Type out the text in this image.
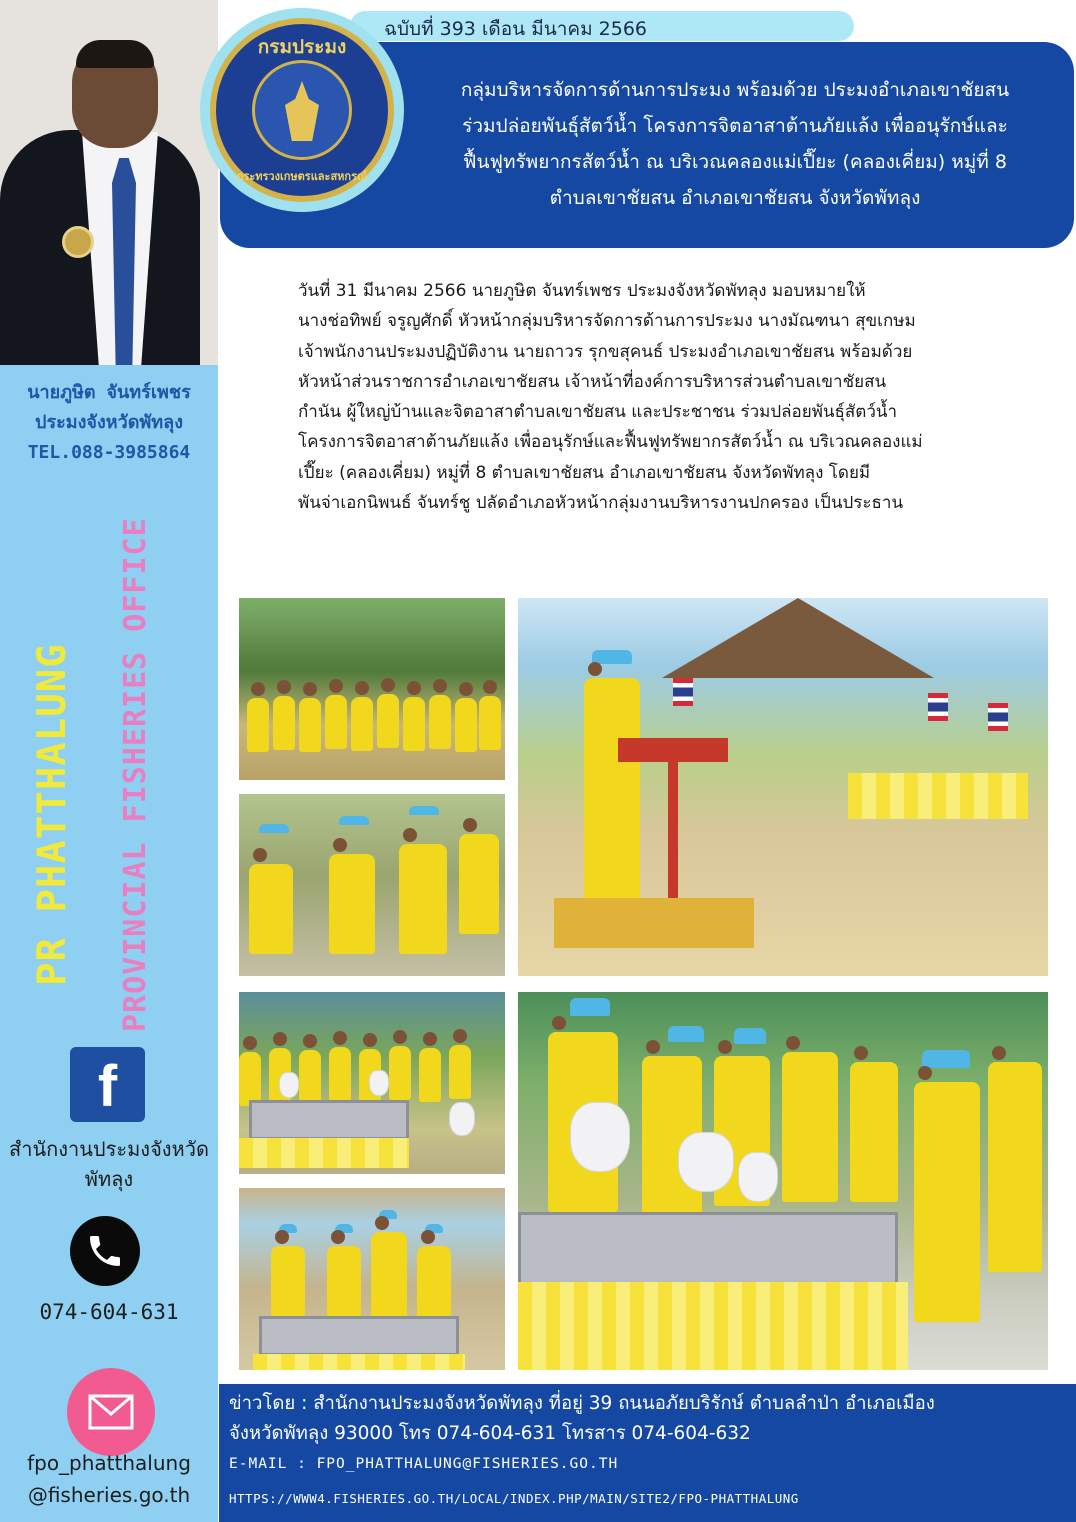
นายภูษิต จันทร์เพชร
ประมงจังหวัดพัทลุง
TEL.088-3985864
PR PHATTHALUNG PROVINCIAL FISHERIES OFFICE
f
สำนักงานประมงจังหวัดพัทลุง
074-604-631
fpo_phatthalung
@fisheries.go.th
ฉบับที่ 393 เดือน มีนาคม 2566
กลุ่มบริหารจัดการด้านการประมง พร้อมด้วย ประมงอำเภอเขาชัยสน
ร่วมปล่อยพันธุ์สัตว์น้ำ โครงการจิตอาสาต้านภัยแล้ง เพื่ออนุรักษ์และ
ฟื้นฟูทรัพยากรสัตว์น้ำ ณ บริเวณคลองแม่เปี๊ยะ (คลองเคี่ยม) หมู่ที่ 8
ตำบลเขาชัยสน อำเภอเขาชัยสน จังหวัดพัทลุง
กรมประมง
กระทรวงเกษตรและสหกรณ์
วันที่ 31 มีนาคม 2566 นายภูษิต จันทร์เพชร ประมงจังหวัดพัทลุง มอบหมายให้
นางช่อทิพย์ จรูญศักดิ์ หัวหน้ากลุ่มบริหารจัดการด้านการประมง นางมัณฑนา สุขเกษม
เจ้าพนักงานประมงปฏิบัติงาน นายถาวร รุกขสุคนธ์ ประมงอำเภอเขาชัยสน พร้อมด้วย
หัวหน้าส่วนราชการอำเภอเขาชัยสน เจ้าหน้าที่องค์การบริหารส่วนตำบลเขาชัยสน
กำนัน ผู้ใหญ่บ้านและจิตอาสาตำบลเขาชัยสน และประชาชน ร่วมปล่อยพันธุ์สัตว์น้ำ
โครงการจิตอาสาต้านภัยแล้ง เพื่ออนุรักษ์และฟื้นฟูทรัพยากรสัตว์น้ำ ณ บริเวณคลองแม่
เปี๊ยะ (คลองเคี่ยม) หมู่ที่ 8 ตำบลเขาชัยสน อำเภอเขาชัยสน จังหวัดพัทลุง โดยมี
พันจ่าเอกนิพนธ์ จันทร์ชู ปลัดอำเภอหัวหน้ากลุ่มงานบริหารงานปกครอง เป็นประธาน
ข่าวโดย : สำนักงานประมงจังหวัดพัทลุง ที่อยู่ 39 ถนนอภัยบริรักษ์ ตำบลลำป่า อำเภอเมือง
จังหวัดพัทลุง 93000 โทร 074-604-631 โทรสาร 074-604-632
E-MAIL : FPO_PHATTHALUNG@FISHERIES.GO.TH
HTTPS://WWW4.FISHERIES.GO.TH/LOCAL/INDEX.PHP/MAIN/SITE2/FPO-PHATTHALUNG
